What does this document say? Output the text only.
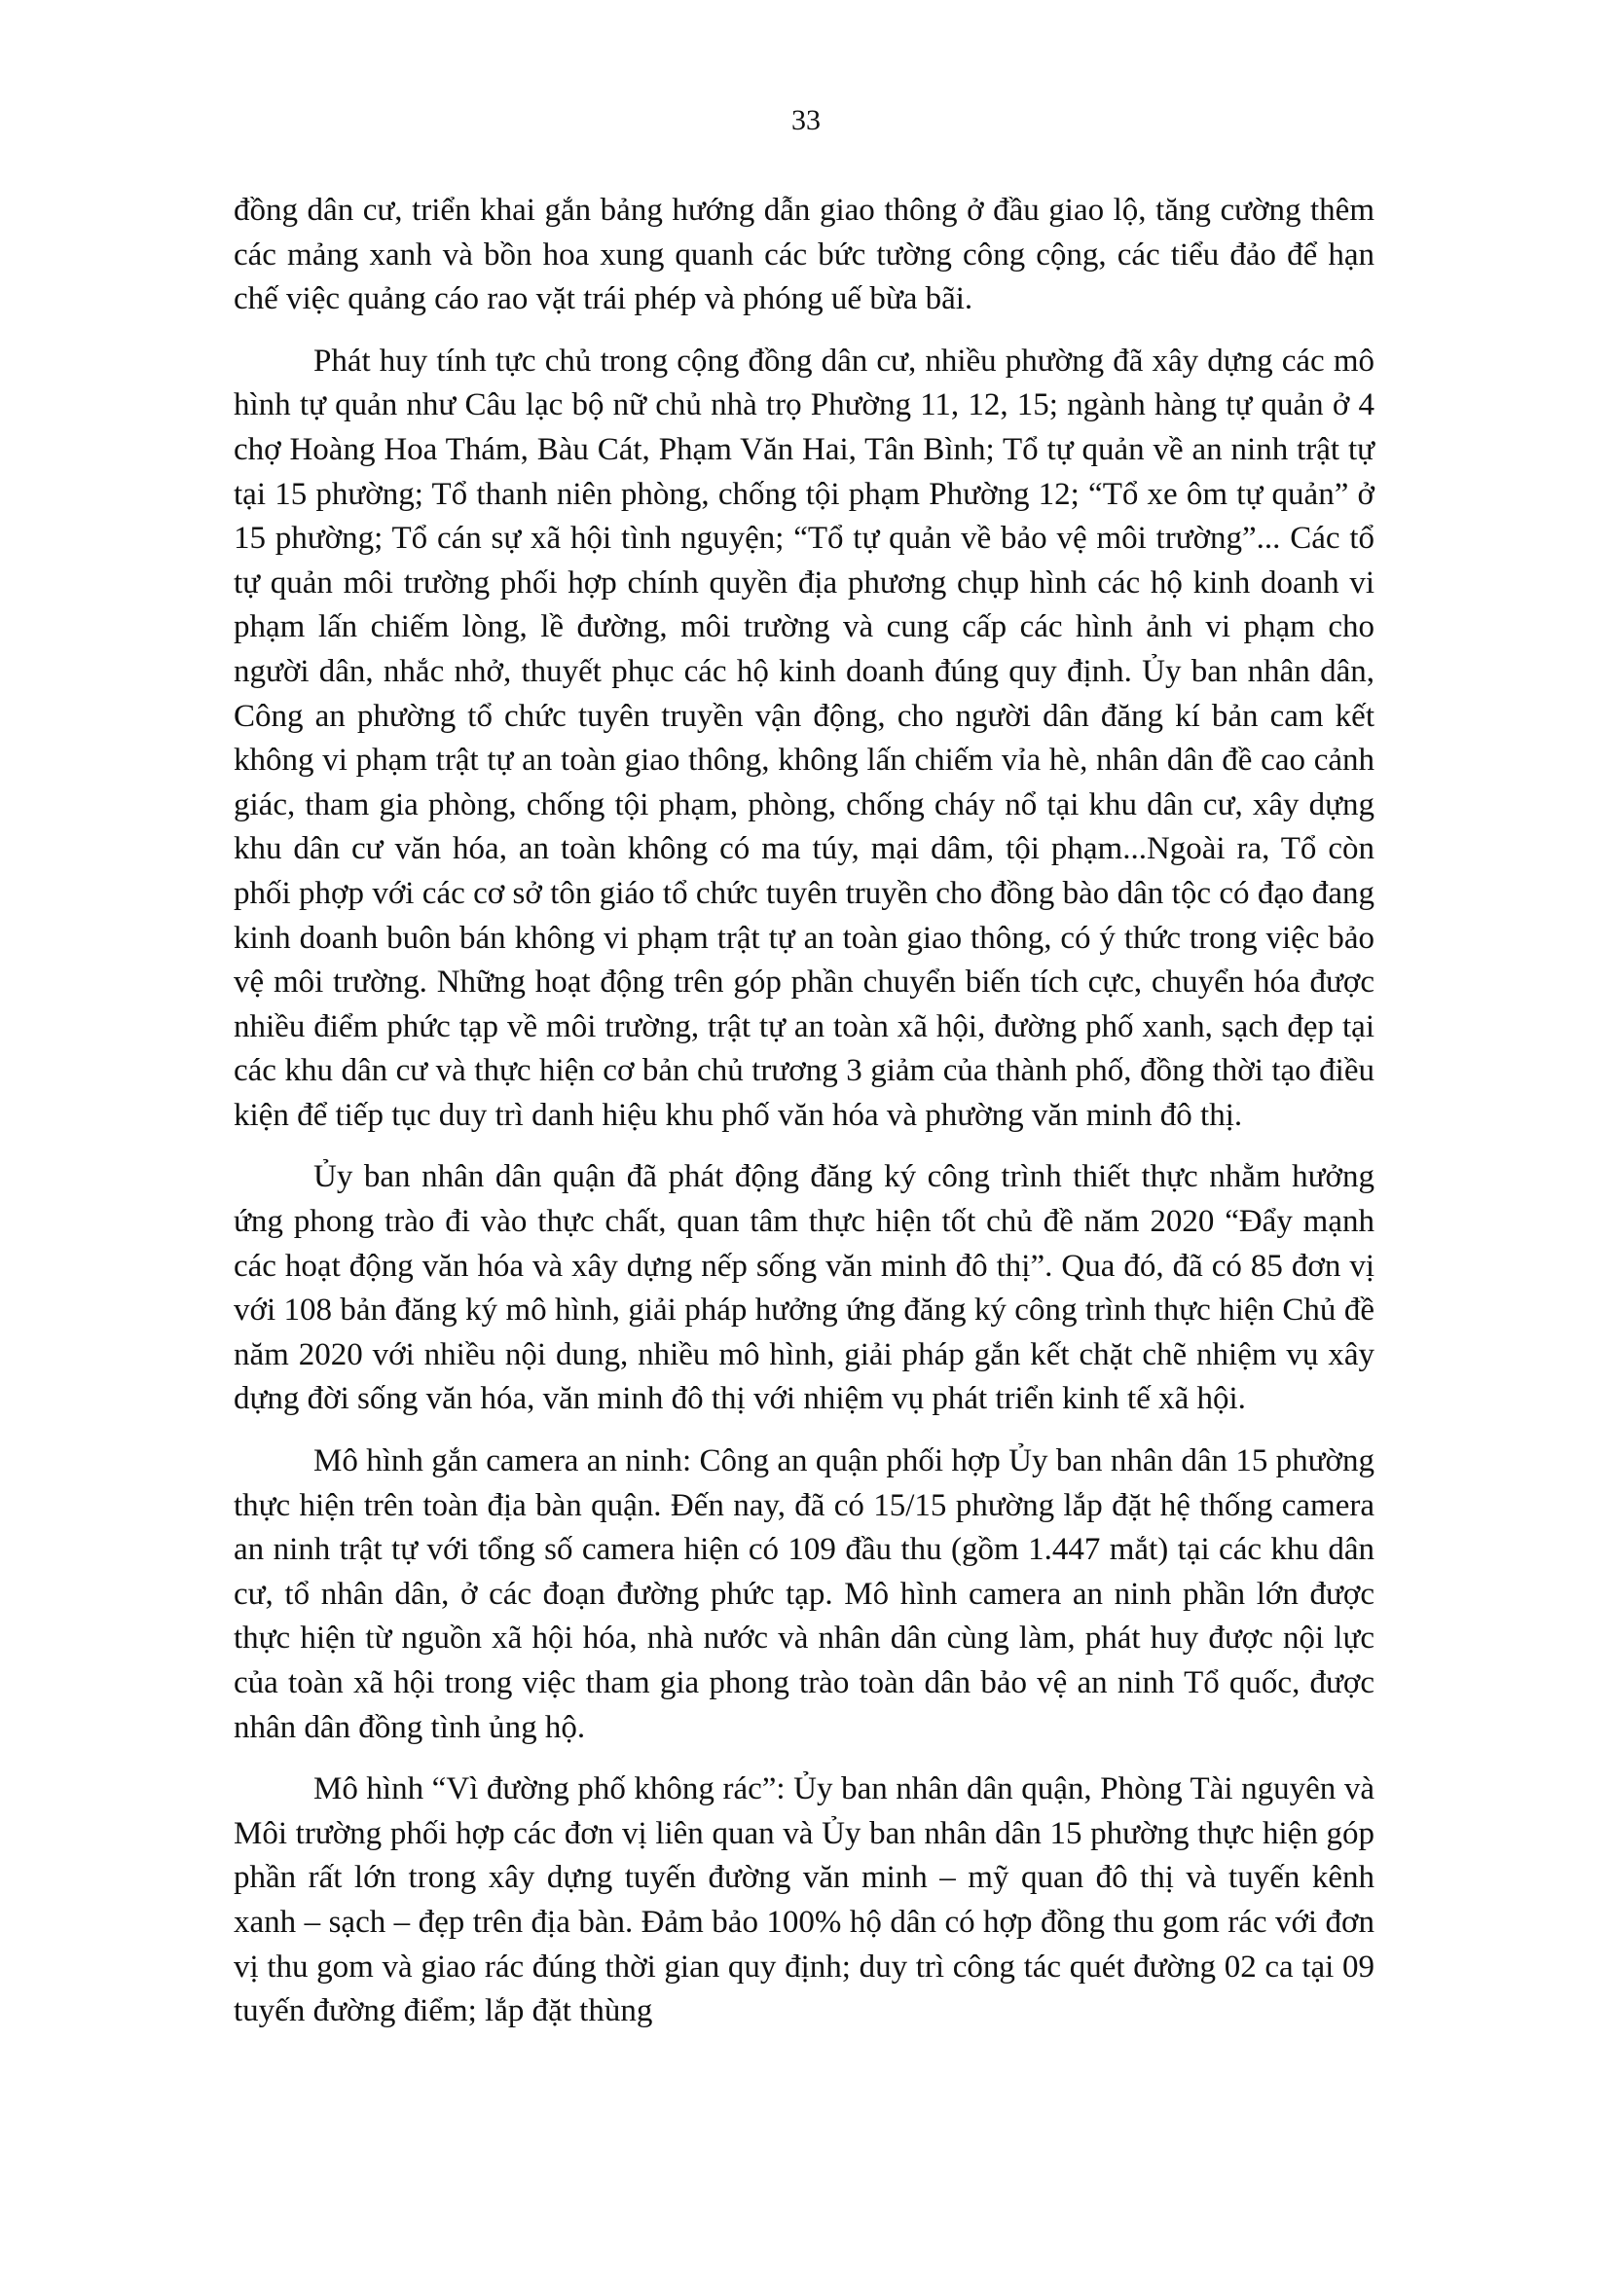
33

đồng dân cư, triển khai gắn bảng hướng dẫn giao thông ở đầu giao lộ, tăng cường thêm các mảng xanh và bồn hoa xung quanh các bức tường công cộng, các tiểu đảo để hạn chế việc quảng cáo rao vặt trái phép và phóng uế bừa bãi.

Phát huy tính tực chủ trong cộng đồng dân cư, nhiều phường đã xây dựng các mô hình tự quản như Câu lạc bộ nữ chủ nhà trọ Phường 11, 12, 15; ngành hàng tự quản ở 4 chợ Hoàng Hoa Thám, Bàu Cát, Phạm Văn Hai, Tân Bình; Tổ tự quản về an ninh trật tự tại 15 phường; Tổ thanh niên phòng, chống tội phạm Phường 12; “Tổ xe ôm tự quản” ở 15 phường; Tổ cán sự xã hội tình nguyện; “Tổ tự quản về bảo vệ môi trường”... Các tổ tự quản môi trường phối hợp chính quyền địa phương chụp hình các hộ kinh doanh vi phạm lấn chiếm lòng, lề đường, môi trường và cung cấp các hình ảnh vi phạm cho người dân, nhắc nhở, thuyết phục các hộ kinh doanh đúng quy định. Ủy ban nhân dân, Công an phường tổ chức tuyên truyền vận động, cho người dân đăng kí bản cam kết không vi phạm trật tự an toàn giao thông, không lấn chiếm vỉa hè, nhân dân đề cao cảnh giác, tham gia phòng, chống tội phạm, phòng, chống cháy nổ tại khu dân cư, xây dựng khu dân cư văn hóa, an toàn không có ma túy, mại dâm, tội phạm...Ngoài ra, Tổ còn phối phợp với các cơ sở tôn giáo tổ chức tuyên truyền cho đồng bào dân tộc có đạo đang kinh doanh buôn bán không vi phạm trật tự an toàn giao thông, có ý thức trong việc bảo vệ môi trường. Những hoạt động trên góp phần chuyển biến tích cực, chuyển hóa được nhiều điểm phức tạp về môi trường, trật tự an toàn xã hội, đường phố xanh, sạch đẹp tại các khu dân cư và thực hiện cơ bản chủ trương 3 giảm của thành phố, đồng thời tạo điều kiện để tiếp tục duy trì danh hiệu khu phố văn hóa và phường văn minh đô thị.

Ủy ban nhân dân quận đã phát động đăng ký công trình thiết thực nhằm hưởng ứng phong trào đi vào thực chất, quan tâm thực hiện tốt chủ đề năm 2020 “Đẩy mạnh các hoạt động văn hóa và xây dựng nếp sống văn minh đô thị”. Qua đó, đã có 85 đơn vị với 108 bản đăng ký mô hình, giải pháp hưởng ứng đăng ký công trình thực hiện Chủ đề năm 2020 với nhiều nội dung, nhiều mô hình, giải pháp gắn kết chặt chẽ nhiệm vụ xây dựng đời sống văn hóa, văn minh đô thị với nhiệm vụ phát triển kinh tế xã hội.

Mô hình gắn camera an ninh: Công an quận phối hợp Ủy ban nhân dân 15 phường thực hiện trên toàn địa bàn quận. Đến nay, đã có 15/15 phường lắp đặt hệ thống camera an ninh trật tự với tổng số camera hiện có 109 đầu thu (gồm 1.447 mắt) tại các khu dân cư, tổ nhân dân, ở các đoạn đường phức tạp. Mô hình camera an ninh phần lớn được thực hiện từ nguồn xã hội hóa, nhà nước và nhân dân cùng làm, phát huy được nội lực của toàn xã hội trong việc tham gia phong trào toàn dân bảo vệ an ninh Tổ quốc, được nhân dân đồng tình ủng hộ.

Mô hình “Vì đường phố không rác”: Ủy ban nhân dân quận, Phòng Tài nguyên và Môi trường phối hợp các đơn vị liên quan và Ủy ban nhân dân 15 phường thực hiện góp phần rất lớn trong xây dựng tuyến đường văn minh – mỹ quan đô thị và tuyến kênh xanh – sạch – đẹp trên địa bàn. Đảm bảo 100% hộ dân có hợp đồng thu gom rác với đơn vị thu gom và giao rác đúng thời gian quy định; duy trì công tác quét đường 02 ca tại 09 tuyến đường điểm; lắp đặt thùng
